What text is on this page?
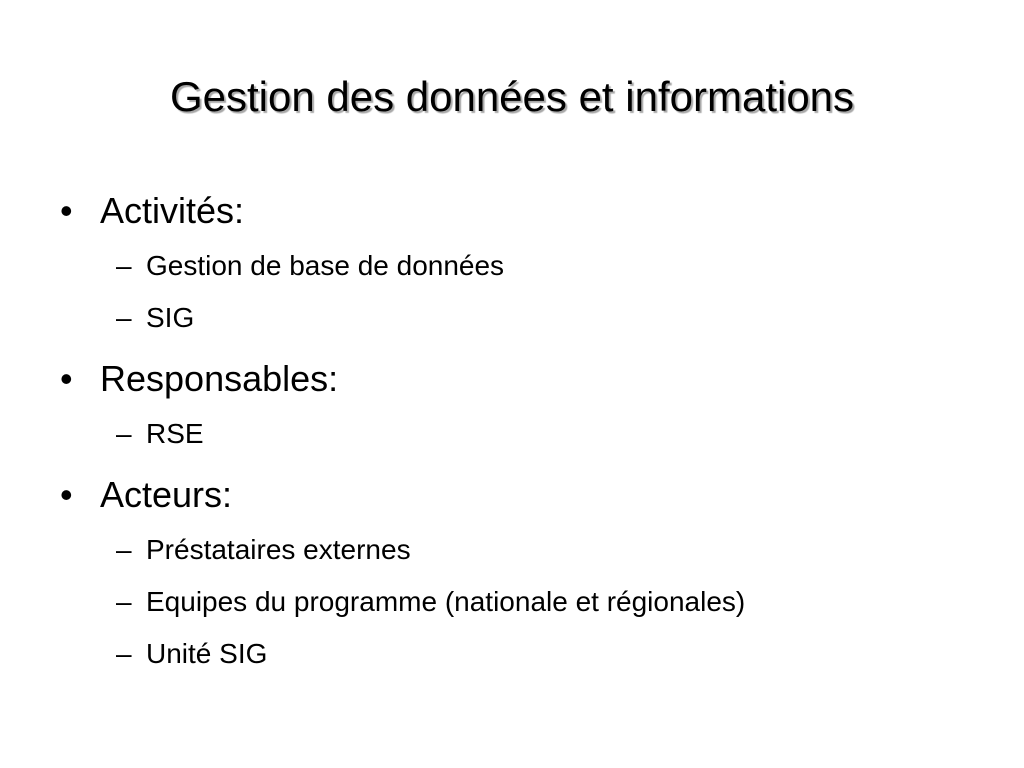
Gestion des données et informations
• Activités:
– Gestion de base de données
– SIG
• Responsables:
– RSE
• Acteurs:
– Préstataires externes
– Equipes du programme (nationale et régionales)
– Unité SIG
